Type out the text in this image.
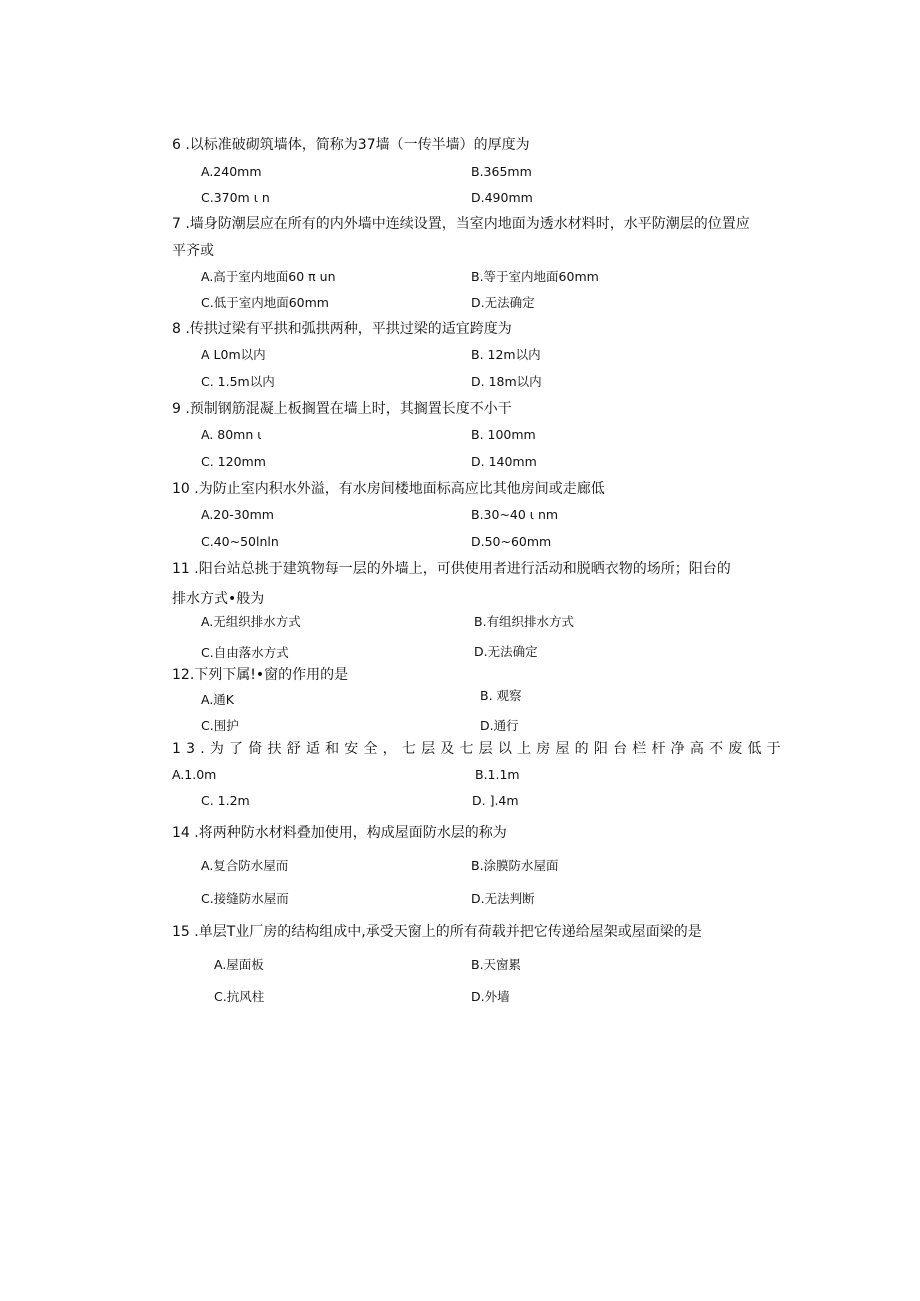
6 .以标准破砌筑墙体，简称为37墙（一传半墙）的厚度为
A.240mm	B.365mm
C.370m ι n	D.490mm
7 .墙身防潮层应在所有的内外墙中连续设置，当室内地面为透水材料时，水平防潮层的位置应
平齐或
A.高于室内地面60 π un	B.等于室内地面60mm
C.低于室内地面60mm	D.无法确定
8 .传拱过梁有平拱和弧拱两种，平拱过梁的适宜跨度为
A L0m以内	B. 12m以内
C. 1.5m以内	D. 18m以内
9 .预制钢筋混凝上板搁置在墙上时，其搁置长度不小干
A. 80mn ι	B. 100mm
C. 120mm	D. 140mm
10 .为防止室内积水外溢，有水房间楼地面标高应比其他房间或走廊低
A.20-30mm	B.30~40 ι nm
C.40~50lnln	D.50~60mm
11 .阳台站总挑于建筑物每一层的外墙上，可供使用者进行活动和脱晒衣物的场所；阳台的
排水方式•般为
A.无组织排水方式	B.有组织排水方式
C.自由落水方式	D.无法确定
12.下列下属!•窗的作用的是
A.通K	B. 观察
C.围护	D.通行
13.为了倚扶舒适和安全，七层及七层以上房屋的阳台栏杆净高不废低于
A.1.0m	B.1.1m
C. 1.2m	D. ].4m
14 .将两种防水材料叠加使用，构成屋面防水层的称为
A.复合防水屋而	B.涂膜防水屋面
C.接缝防水屋而	D.无法判断
15 .单层T业厂房的结构组成中,承受天窗上的所有荷载并把它传递给屋架或屋面梁的是
A.屋面板	B.天窗累
C.抗风柱	D.外墙
